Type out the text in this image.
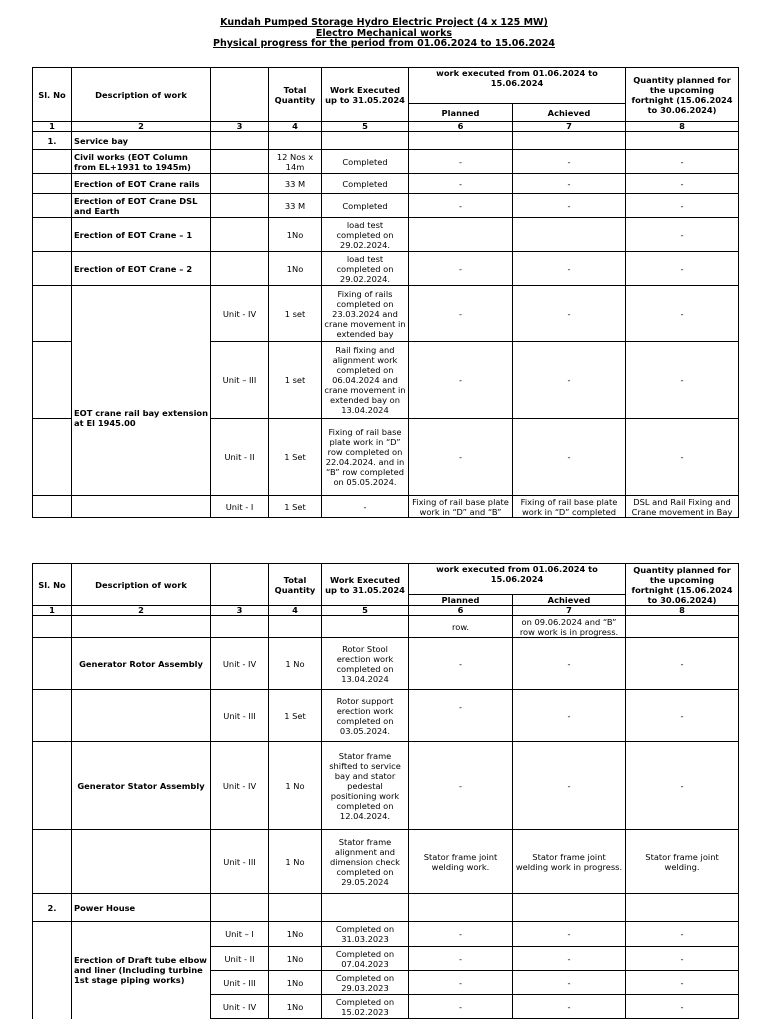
Kundah Pumped Storage Hydro Electric Project (4 x 125 MW)
Electro Mechanical works
Physical progress for the period from 01.06.2024 to 15.06.2024
Sl. No	Description of work		Total Quantity	Work Executed up to 31.05.2024	work executed from 01.06.2024 to 15.06.2024		Quantity planned for the upcoming fortnight (15.06.2024 to 30.06.2024)
					Planned	Achieved	
1	2	3	4	5	6	7	8
1.	Service bay						
	Civil works (EOT Column from EL+1931 to 1945m)		12 Nos x 14m	Completed	-	-	-
	Erection of EOT Crane rails		33 M	Completed	-	-	-
	Erection of EOT Crane DSL and Earth		33 M	Completed	-	-	-
	Erection of EOT Crane – 1		1No	load test completed on 29.02.2024.			-
	Erection of EOT Crane – 2		1No	load test completed on 29.02.2024.	-	-	-
		Unit - IV	1 set	Fixing of rails completed on 23.03.2024 and crane movement in extended bay	-	-	-
	EOT crane rail bay extension at El 1945.00	Unit – III	1 set	Rail fixing and alignment work completed on 06.04.2024 and crane movement in extended bay on 13.04.2024	-	-	-
		Unit - II	1 Set	Fixing of rail base plate work in “D” row completed on 22.04.2024. and in “B” row completed on 05.05.2024.	-	-	-
		Unit - I	1 Set	-	Fixing of rail base plate work in “D” and “B”	Fixing of rail base plate work in “D” completed	DSL and Rail Fixing and Crane movement in Bay
Sl. No	Description of work		Total Quantity	Work Executed up to 31.05.2024	work executed from 01.06.2024 to 15.06.2024		Quantity planned for the upcoming fortnight (15.06.2024 to 30.06.2024)
					Planned	Achieved	
1	2	3	4	5	6	7	8
					row.	on 09.06.2024 and “B” row work is in progress.	
	Generator Rotor Assembly	Unit - IV	1 No	Rotor Stool erection work completed on 13.04.2024	-	-	-
		Unit - III	1 Set	Rotor support erection work completed on 03.05.2024.	-	-	-
	Generator Stator Assembly	Unit - IV	1 No	Stator frame shifted to service bay and stator pedestal positioning work completed on 12.04.2024.	-	-	-
		Unit - III	1 No	Stator frame alignment and dimension check completed on 29.05.2024	Stator frame joint welding work.	Stator frame joint welding work in progress.	Stator frame joint welding.
2.	Power House						
	Erection of Draft tube elbow and liner (Including turbine 1st stage piping works)	Unit – I	1No	Completed on 31.03.2023	-	-	-
		Unit - II	1No	Completed on 07.04.2023	-	-	-
		Unit - III	1No	Completed on 29.03.2023	-	-	-
		Unit - IV	1No	Completed on 15.02.2023	-	-	-
